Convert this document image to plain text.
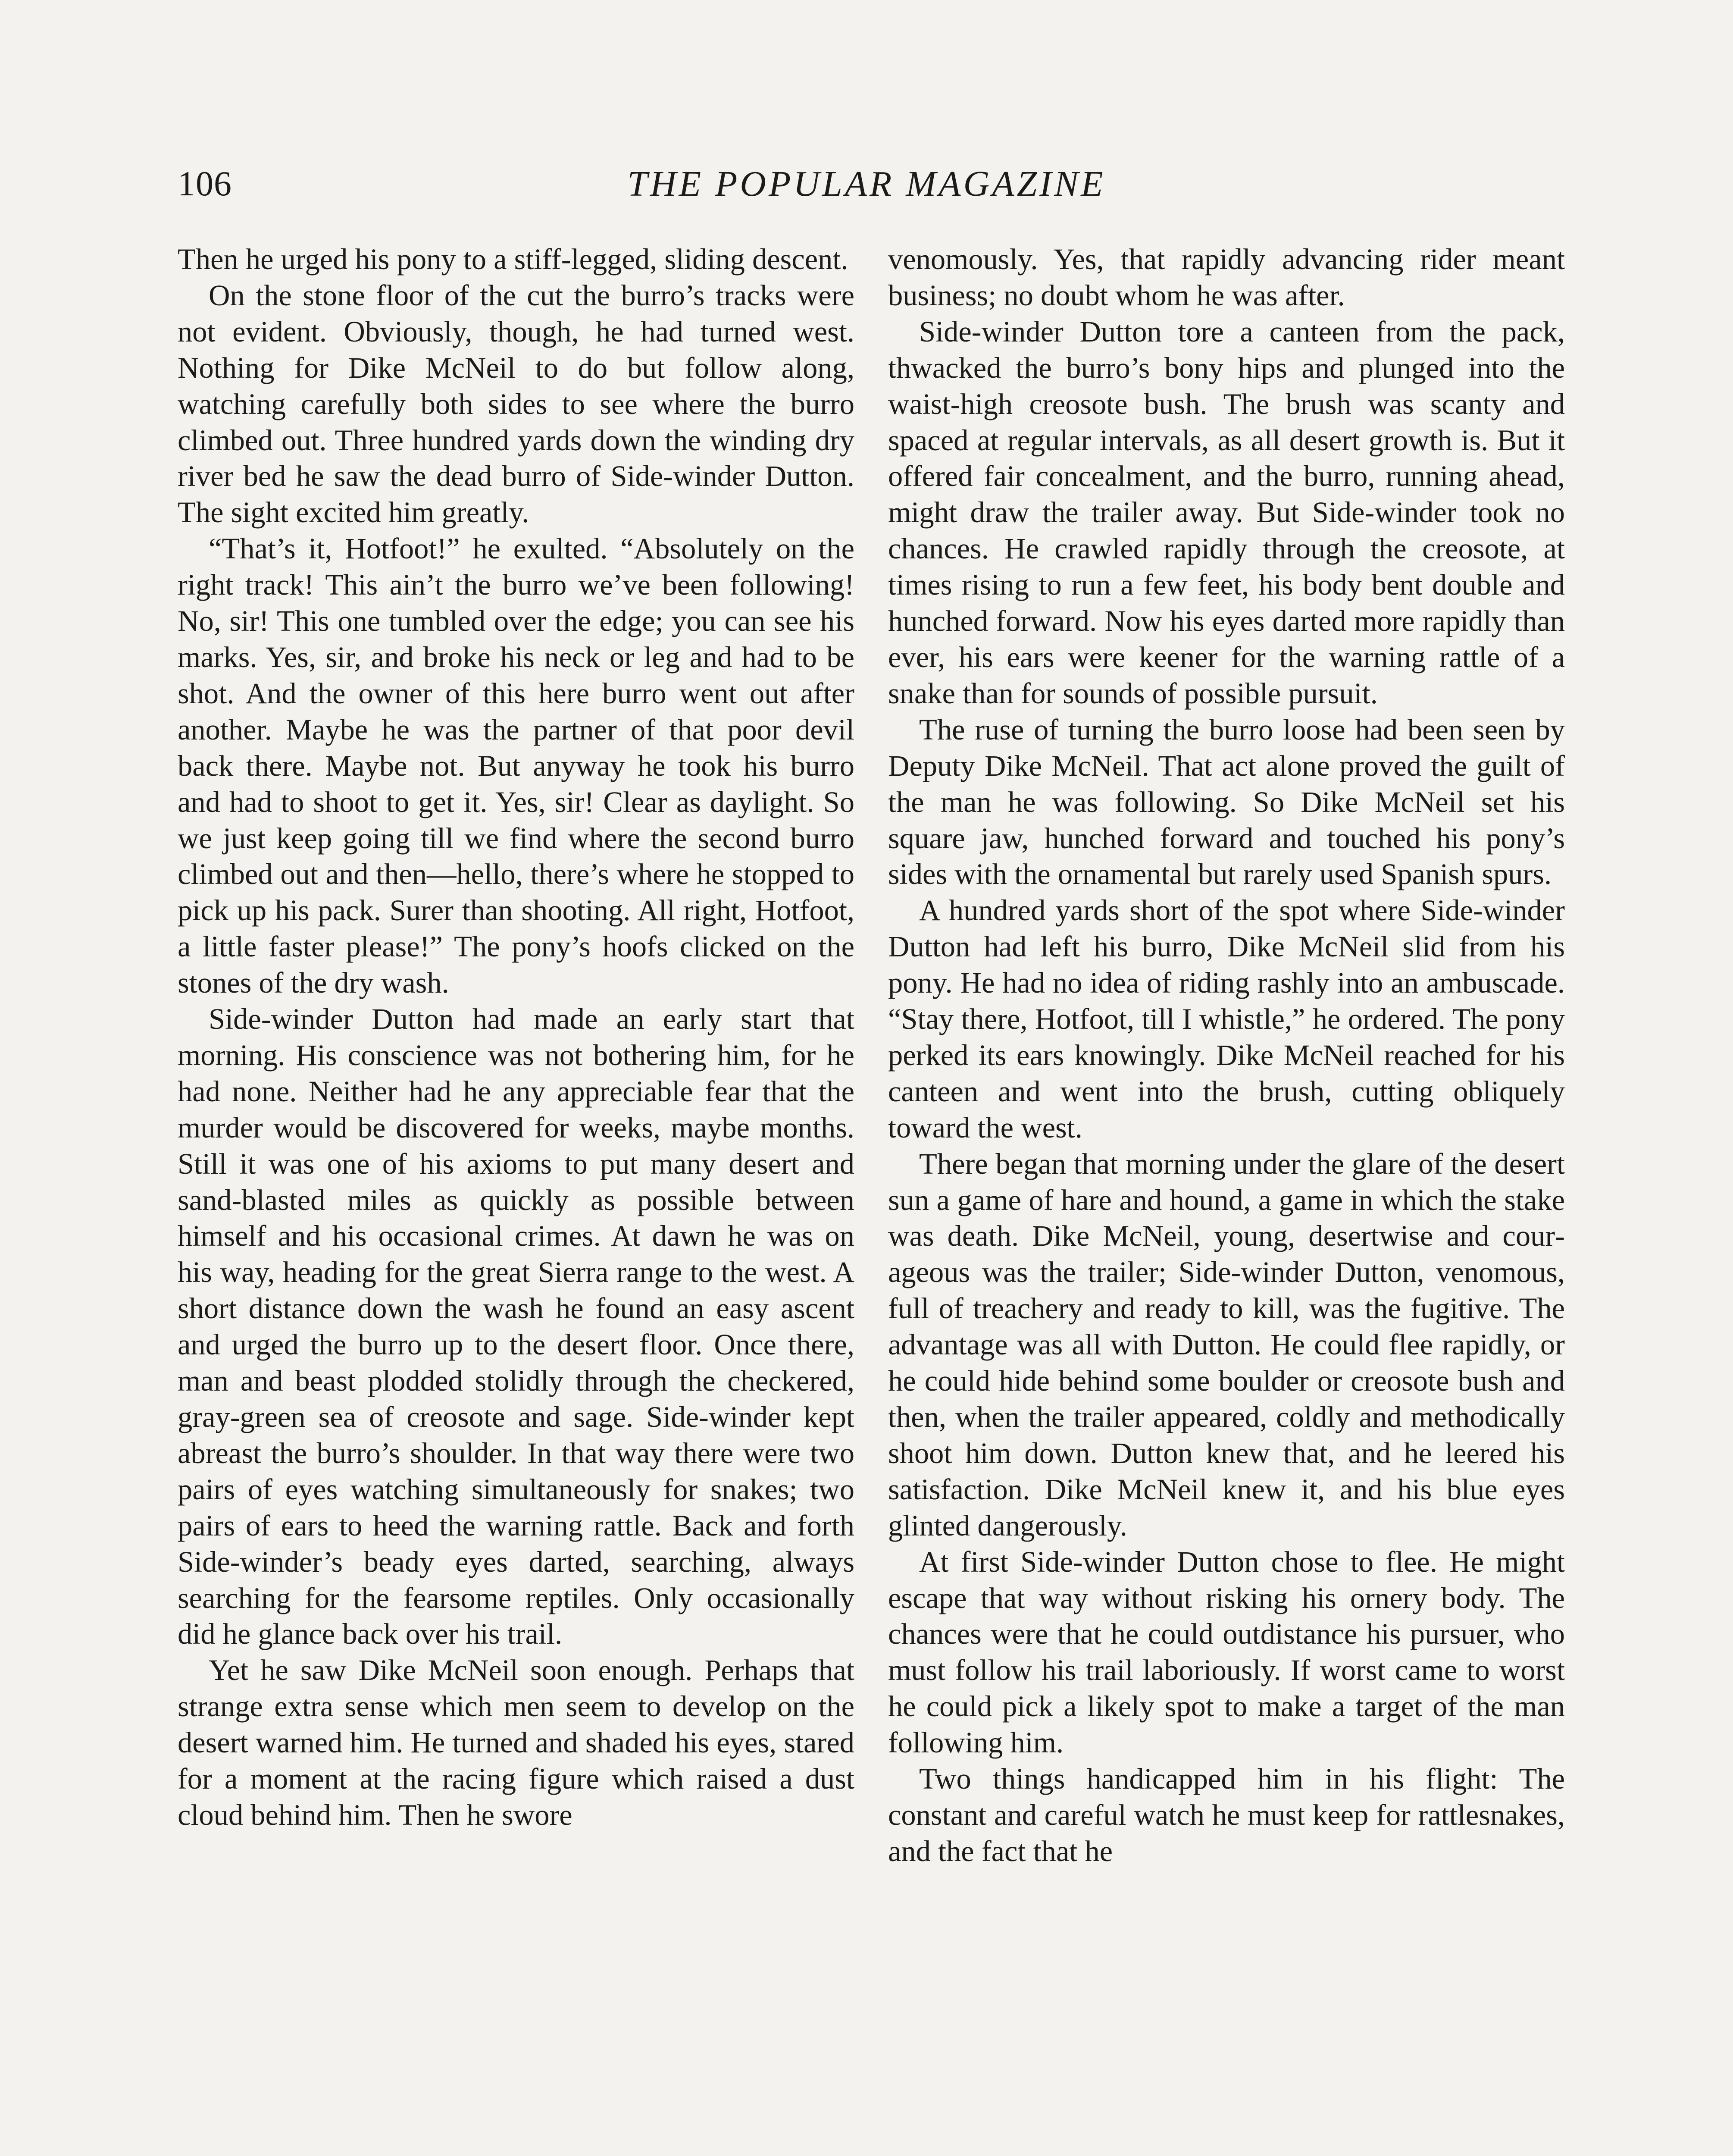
106	THE POPULAR MAGAZINE

Then he urged his pony to a stiff-legged, sliding descent.

On the stone floor of the cut the burro’s tracks were not evident. Obviously, though, he had turned west. Nothing for Dike McNeil to do but follow along, watching carefully both sides to see where the burro climbed out. Three hundred yards down the winding dry river bed he saw the dead burro of Side-winder Dutton. The sight excited him greatly.

“That’s it, Hotfoot!” he exulted. “Absolutely on the right track! This ain’t the burro we’ve been following! No, sir! This one tumbled over the edge; you can see his marks. Yes, sir, and broke his neck or leg and had to be shot. And the owner of this here burro went out after another. Maybe he was the partner of that poor devil back there. Maybe not. But anyway he took his burro and had to shoot to get it. Yes, sir! Clear as daylight. So we just keep going till we find where the second burro climbed out and then—hello, there’s where he stopped to pick up his pack. Surer than shooting. All right, Hotfoot, a little faster please!” The pony’s hoofs clicked on the stones of the dry wash.

Side-winder Dutton had made an early start that morning. His conscience was not bothering him, for he had none. Neither had he any appreciable fear that the murder would be discovered for weeks, maybe months. Still it was one of his axioms to put many desert and sand-blasted miles as quickly as possible between himself and his occasional crimes. At dawn he was on his way, heading for the great Sierra range to the west. A short distance down the wash he found an easy ascent and urged the burro up to the desert floor. Once there, man and beast plodded stolidly through the checkered, gray-green sea of creosote and sage. Side-winder kept abreast the burro’s shoulder. In that way there were two pairs of eyes watching simultaneously for snakes; two pairs of ears to heed the warning rattle. Back and forth Side-winder’s beady eyes darted, searching, always searching for the fearsome reptiles. Only occasionally did he glance back over his trail.

Yet he saw Dike McNeil soon enough. Perhaps that strange extra sense which men seem to develop on the desert warned him. He turned and shaded his eyes, stared for a moment at the racing figure which raised a dust cloud behind him. Then he swore

venomously. Yes, that rapidly advancing rider meant business; no doubt whom he was after.

Side-winder Dutton tore a canteen from the pack, thwacked the burro’s bony hips and plunged into the waist-high creosote bush. The brush was scanty and spaced at regular intervals, as all desert growth is. But it offered fair concealment, and the burro, running ahead, might draw the trailer away. But Side-winder took no chances. He crawled rapidly through the creosote, at times rising to run a few feet, his body bent double and hunched forward. Now his eyes darted more rapidly than ever, his ears were keener for the warning rattle of a snake than for sounds of possible pursuit.

The ruse of turning the burro loose had been seen by Deputy Dike McNeil. That act alone proved the guilt of the man he was following. So Dike McNeil set his square jaw, hunched forward and touched his pony’s sides with the ornamental but rarely used Spanish spurs.

A hundred yards short of the spot where Side-winder Dutton had left his burro, Dike McNeil slid from his pony. He had no idea of riding rashly into an ambuscade. “Stay there, Hotfoot, till I whistle,” he ordered. The pony perked its ears knowingly. Dike McNeil reached for his canteen and went into the brush, cutting obliquely toward the west.

There began that morning under the glare of the desert sun a game of hare and hound, a game in which the stake was death. Dike McNeil, young, desertwise and courageous was the trailer; Side-winder Dutton, venomous, full of treachery and ready to kill, was the fugitive. The advantage was all with Dutton. He could flee rapidly, or he could hide behind some boulder or creosote bush and then, when the trailer appeared, coldly and methodically shoot him down. Dutton knew that, and he leered his satisfaction. Dike McNeil knew it, and his blue eyes glinted dangerously.

At first Side-winder Dutton chose to flee. He might escape that way without risking his ornery body. The chances were that he could outdistance his pursuer, who must follow his trail laboriously. If worst came to worst he could pick a likely spot to make a target of the man following him.

Two things handicapped him in his flight: The constant and careful watch he must keep for rattlesnakes, and the fact that he
